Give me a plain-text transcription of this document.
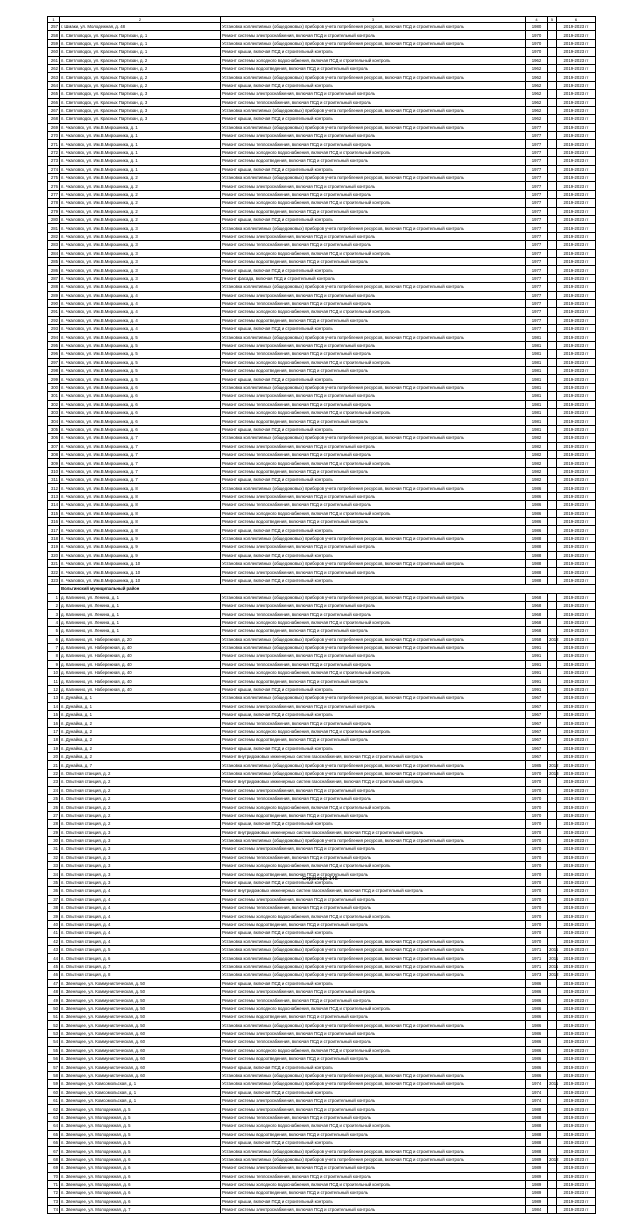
1	2	3	4	5	6
257	г. Шмаки, ул. Молодежная, д. 48	Установка коллективных (общедомовых) приборов учета потребления ресурсов, включая ПСД и строительный контроль	1980		2019-2023 гг
258	п. Светловодск, ул. Красных Партизан, д. 1	Ремонт системы электроснабжения, включая ПСД и строительный контроль	1970		2019-2023 гг
259	п. Светловодск, ул. Красных Партизан, д. 1	Установка коллективных (общедомовых) приборов учета потребления ресурсов, включая ПСД и строительный контроль	1970		2019-2023 гг
260	п. Светловодск, ул. Красных Партизан, д. 1	Ремонт крыши, включая ПСД и строительный контроль	1970		2019-2023 гг
261	п. Светловодск, ул. Красных Партизан, д. 2	Ремонт системы холодного водоснабжения, включая ПСД и строительный контроль	1962		2019-2023 гг
262	п. Светловодск, ул. Красных Партизан, д. 2	Ремонт системы водоотведения, включая ПСД и строительный контроль	1962		2019-2023 гг
263	п. Светловодск, ул. Красных Партизан, д. 2	Установка коллективных (общедомовых) приборов учета потребления ресурсов, включая ПСД и строительный контроль	1962		2019-2023 гг
264	п. Светловодск, ул. Красных Партизан, д. 2	Ремонт крыши, включая ПСД и строительный контроль	1962		2019-2023 гг
265	п. Светловодск, ул. Красных Партизан, д. 3	Ремонт системы электроснабжения, включая ПСД и строительный контроль	1962		2019-2023 гг
266	п. Светловодск, ул. Красных Партизан, д. 3	Ремонт системы теплоснабжения, включая ПСД и строительный контроль	1962		2019-2023 гг
267	п. Светловодск, ул. Красных Партизан, д. 3	Установка коллективных (общедомовых) приборов учета потребления ресурсов, включая ПСД и строительный контроль	1962		2019-2023 гг
268	п. Светловодск, ул. Красных Партизан, д. 3	Ремонт крыши, включая ПСД и строительный контроль	1962		2019-2023 гг
269	п. Чкаловск, ул. Им.В.Мирошника, д. 1	Установка коллективных (общедомовых) приборов учета потребления ресурсов, включая ПСД и строительный контроль	1977		2019-2023 гг
270	п. Чкаловск, ул. Им.В.Мирошника, д. 1	Ремонт системы электроснабжения, включая ПСД и строительный контроль	1977		2019-2023 гг
271	п. Чкаловск, ул. Им.В.Мирошника, д. 1	Ремонт системы теплоснабжения, включая ПСД и строительный контроль	1977		2019-2023 гг
272	п. Чкаловск, ул. Им.В.Мирошника, д. 1	Ремонт системы холодного водоснабжения, включая ПСД и строительный контроль	1977		2019-2023 гг
273	п. Чкаловск, ул. Им.В.Мирошника, д. 1	Ремонт системы водоотведения, включая ПСД и строительный контроль	1977		2019-2023 гг
274	п. Чкаловск, ул. Им.В.Мирошника, д. 1	Ремонт крыши, включая ПСД и строительный контроль	1977		2019-2023 гг
275	п. Чкаловск, ул. Им.В.Мирошника, д. 2	Установка коллективных (общедомовых) приборов учета потребления ресурсов, включая ПСД и строительный контроль	1977		2019-2023 гг
276	п. Чкаловск, ул. Им.В.Мирошника, д. 2	Ремонт системы электроснабжения, включая ПСД и строительный контроль	1977		2019-2023 гг
277	п. Чкаловск, ул. Им.В.Мирошника, д. 2	Ремонт системы теплоснабжения, включая ПСД и строительный контроль	1977		2019-2023 гг
278	п. Чкаловск, ул. Им.В.Мирошника, д. 2	Ремонт системы холодного водоснабжения, включая ПСД и строительный контроль	1977		2019-2023 гг
279	п. Чкаловск, ул. Им.В.Мирошника, д. 2	Ремонт системы водоотведения, включая ПСД и строительный контроль	1977		2019-2023 гг
280	п. Чкаловск, ул. Им.В.Мирошника, д. 2	Ремонт крыши, включая ПСД и строительный контроль	1977		2019-2023 гг
281	п. Чкаловск, ул. Им.В.Мирошника, д. 3	Установка коллективных (общедомовых) приборов учета потребления ресурсов, включая ПСД и строительный контроль	1977		2019-2023 гг
282	п. Чкаловск, ул. Им.В.Мирошника, д. 3	Ремонт системы электроснабжения, включая ПСД и строительный контроль	1977		2019-2023 гг
283	п. Чкаловск, ул. Им.В.Мирошника, д. 3	Ремонт системы теплоснабжения, включая ПСД и строительный контроль	1977		2019-2023 гг
284	п. Чкаловск, ул. Им.В.Мирошника, д. 3	Ремонт системы холодного водоснабжения, включая ПСД и строительный контроль	1977		2019-2023 гг
285	п. Чкаловск, ул. Им.В.Мирошника, д. 3	Ремонт системы водоотведения, включая ПСД и строительный контроль	1977		2019-2023 гг
286	п. Чкаловск, ул. Им.В.Мирошника, д. 3	Ремонт крыши, включая ПСД и строительный контроль	1977		2019-2023 гг
287	п. Чкаловск, ул. Им.В.Мирошника, д. 3	Ремонт фасада, включая ПСД и строительный контроль	1977		2019-2023 гг
288	п. Чкаловск, ул. Им.В.Мирошника, д. 4	Установка коллективных (общедомовых) приборов учета потребления ресурсов, включая ПСД и строительный контроль	1977		2019-2023 гг
289	п. Чкаловск, ул. Им.В.Мирошника, д. 4	Ремонт системы электроснабжения, включая ПСД и строительный контроль	1977		2019-2023 гг
290	п. Чкаловск, ул. Им.В.Мирошника, д. 4	Ремонт системы теплоснабжения, включая ПСД и строительный контроль	1977		2019-2023 гг
291	п. Чкаловск, ул. Им.В.Мирошника, д. 4	Ремонт системы холодного водоснабжения, включая ПСД и строительный контроль	1977		2019-2023 гг
292	п. Чкаловск, ул. Им.В.Мирошника, д. 4	Ремонт системы водоотведения, включая ПСД и строительный контроль	1977		2019-2023 гг
293	п. Чкаловск, ул. Им.В.Мирошника, д. 4	Ремонт крыши, включая ПСД и строительный контроль	1977		2019-2023 гг
294	п. Чкаловск, ул. Им.В.Мирошника, д. 5	Установка коллективных (общедомовых) приборов учета потребления ресурсов, включая ПСД и строительный контроль	1981		2019-2023 гг
295	п. Чкаловск, ул. Им.В.Мирошника, д. 5	Ремонт системы электроснабжения, включая ПСД и строительный контроль	1981		2019-2023 гг
296	п. Чкаловск, ул. Им.В.Мирошника, д. 5	Ремонт системы теплоснабжения, включая ПСД и строительный контроль	1981		2019-2023 гг
297	п. Чкаловск, ул. Им.В.Мирошника, д. 5	Ремонт системы холодного водоснабжения, включая ПСД и строительный контроль	1981		2019-2023 гг
298	п. Чкаловск, ул. Им.В.Мирошника, д. 5	Ремонт системы водоотведения, включая ПСД и строительный контроль	1981		2019-2023 гг
299	п. Чкаловск, ул. Им.В.Мирошника, д. 5	Ремонт крыши, включая ПСД и строительный контроль	1981		2019-2023 гг
300	п. Чкаловск, ул. Им.В.Мирошника, д. 6	Установка коллективных (общедомовых) приборов учета потребления ресурсов, включая ПСД и строительный контроль	1981		2019-2023 гг
301	п. Чкаловск, ул. Им.В.Мирошника, д. 6	Ремонт системы электроснабжения, включая ПСД и строительный контроль	1981		2019-2023 гг
302	п. Чкаловск, ул. Им.В.Мирошника, д. 6	Ремонт системы теплоснабжения, включая ПСД и строительный контроль	1981		2019-2023 гг
303	п. Чкаловск, ул. Им.В.Мирошника, д. 6	Ремонт системы холодного водоснабжения, включая ПСД и строительный контроль	1981		2019-2023 гг
304	п. Чкаловск, ул. Им.В.Мирошника, д. 6	Ремонт системы водоотведения, включая ПСД и строительный контроль	1981		2019-2023 гг
305	п. Чкаловск, ул. Им.В.Мирошника, д. 6	Ремонт крыши, включая ПСД и строительный контроль	1981		2019-2023 гг
306	п. Чкаловск, ул. Им.В.Мирошника, д. 7	Установка коллективных (общедомовых) приборов учета потребления ресурсов, включая ПСД и строительный контроль	1982		2019-2023 гг
307	п. Чкаловск, ул. Им.В.Мирошника, д. 7	Ремонт системы электроснабжения, включая ПСД и строительный контроль	1982		2019-2023 гг
308	п. Чкаловск, ул. Им.В.Мирошника, д. 7	Ремонт системы теплоснабжения, включая ПСД и строительный контроль	1982		2019-2023 гг
309	п. Чкаловск, ул. Им.В.Мирошника, д. 7	Ремонт системы холодного водоснабжения, включая ПСД и строительный контроль	1982		2019-2023 гг
310	п. Чкаловск, ул. Им.В.Мирошника, д. 7	Ремонт системы водоотведения, включая ПСД и строительный контроль	1982		2019-2023 гг
311	п. Чкаловск, ул. Им.В.Мирошника, д. 7	Ремонт крыши, включая ПСД и строительный контроль	1982		2019-2023 гг
312	п. Чкаловск, ул. Им.В.Мирошника, д. 8	Установка коллективных (общедомовых) приборов учета потребления ресурсов, включая ПСД и строительный контроль	1986		2019-2023 гг
313	п. Чкаловск, ул. Им.В.Мирошника, д. 8	Ремонт системы электроснабжения, включая ПСД и строительный контроль	1986		2019-2023 гг
314	п. Чкаловск, ул. Им.В.Мирошника, д. 8	Ремонт системы теплоснабжения, включая ПСД и строительный контроль	1986		2019-2023 гг
315	п. Чкаловск, ул. Им.В.Мирошника, д. 8	Ремонт системы холодного водоснабжения, включая ПСД и строительный контроль	1986		2019-2023 гг
316	п. Чкаловск, ул. Им.В.Мирошника, д. 8	Ремонт системы водоотведения, включая ПСД и строительный контроль	1986		2019-2023 гг
317	п. Чкаловск, ул. Им.В.Мирошника, д. 8	Ремонт крыши, включая ПСД и строительный контроль	1986		2019-2023 гг
318	п. Чкаловск, ул. Им.В.Мирошника, д. 9	Установка коллективных (общедомовых) приборов учета потребления ресурсов, включая ПСД и строительный контроль	1988		2019-2023 гг
319	п. Чкаловск, ул. Им.В.Мирошника, д. 9	Ремонт системы электроснабжения, включая ПСД и строительный контроль	1988		2019-2023 гг
320	п. Чкаловск, ул. Им.В.Мирошника, д. 9	Ремонт крыши, включая ПСД и строительный контроль	1988		2019-2023 гг
321	п. Чкаловск, ул. Им.В.Мирошника, д. 10	Установка коллективных (общедомовых) приборов учета потребления ресурсов, включая ПСД и строительный контроль	1988		2019-2023 гг
322	п. Чкаловск, ул. Им.В.Мирошника, д. 10	Ремонт системы электроснабжения, включая ПСД и строительный контроль	1988		2019-2023 гг
323	п. Чкаловск, ул. Им.В.Мирошника, д. 10	Ремонт крыши, включая ПСД и строительный контроль	1988		2019-2023 гг
	Вольгинский муниципальный район				
1	д. Калинино, ул. Ленина, д. 1	Установка коллективных (общедомовых) приборов учета потребления ресурсов, включая ПСД и строительный контроль	1968		2019-2023 гг
2	д. Калинино, ул. Ленина, д. 1	Ремонт системы электроснабжения, включая ПСД и строительный контроль	1968		2019-2023 гг
3	д. Калинино, ул. Ленина, д. 1	Ремонт системы теплоснабжения, включая ПСД и строительный контроль	1968		2019-2023 гг
4	д. Калинино, ул. Ленина, д. 1	Ремонт системы холодного водоснабжения, включая ПСД и строительный контроль	1968		2019-2023 гг
5	д. Калинино, ул. Ленина, д. 1	Ремонт системы водоотведения, включая ПСД и строительный контроль	1968		2019-2023 гг
6	д. Калинино, ул. Набережная, д. 20	Установка коллективных (общедомовых) приборов учета потребления ресурсов, включая ПСД и строительный контроль	1958	2012	2019-2023 гг
7	д. Калинино, ул. Набережная, д. 40	Установка коллективных (общедомовых) приборов учета потребления ресурсов, включая ПСД и строительный контроль	1991		2019-2023 гг
8	д. Калинино, ул. Набережная, д. 40	Ремонт системы электроснабжения, включая ПСД и строительный контроль	1991		2019-2023 гг
9	д. Калинино, ул. Набережная, д. 40	Ремонт системы теплоснабжения, включая ПСД и строительный контроль	1991		2019-2023 гг
10	д. Калинино, ул. Набережная, д. 40	Ремонт системы холодного водоснабжения, включая ПСД и строительный контроль	1991		2019-2023 гг
11	д. Калинино, ул. Набережная, д. 40	Ремонт системы водоотведения, включая ПСД и строительный контроль	1991		2019-2023 гг
12	д. Калинино, ул. Набережная, д. 40	Ремонт крыши, включая ПСД и строительный контроль	1991		2019-2023 гг
13	п. Дунайка, д. 1	Установка коллективных (общедомовых) приборов учета потребления ресурсов, включая ПСД и строительный контроль	1967		2019-2023 гг
14	п. Дунайка, д. 1	Ремонт системы электроснабжения, включая ПСД и строительный контроль	1967		2019-2023 гг
15	п. Дунайка, д. 1	Ремонт крыши, включая ПСД и строительный контроль	1967		2019-2023 гг
16	п. Дунайка, д. 2	Ремонт системы теплоснабжения, включая ПСД и строительный контроль	1967		2019-2023 гг
17	п. Дунайка, д. 2	Ремонт системы холодного водоснабжения, включая ПСД и строительный контроль	1967		2019-2023 гг
18	п. Дунайка, д. 2	Ремонт системы водоотведения, включая ПСД и строительный контроль	1967		2019-2023 гг
19	п. Дунайка, д. 2	Ремонт крыши, включая ПСД и строительный контроль	1967		2019-2023 гг
20	п. Дунайка, д. 2	Ремонт внутридомовых инженерных систем газоснабжения, включая ПСД и строительный контроль	1967		2019-2023 гг
21	п. Дунайка, д. 7	Установка коллективных (общедомовых) приборов учета потребления ресурсов, включая ПСД и строительный контроль	1985	2012	2019-2023 гг
22	п. Опытная станция, д. 2	Установка коллективных (общедомовых) приборов учета потребления ресурсов, включая ПСД и строительный контроль	1970	2013	2019-2023 гг
23	п. Опытная станция, д. 2	Ремонт внутридомовых инженерных систем газоснабжения, включая ПСД и строительный контроль	1970		2019-2023 гг
24	п. Опытная станция, д. 2	Ремонт системы электроснабжения, включая ПСД и строительный контроль	1970		2019-2023 гг
25	п. Опытная станция, д. 2	Ремонт системы теплоснабжения, включая ПСД и строительный контроль	1970		2019-2023 гг
26	п. Опытная станция, д. 2	Ремонт системы холодного водоснабжения, включая ПСД и строительный контроль	1970		2019-2023 гг
27	п. Опытная станция, д. 2	Ремонт системы водоотведения, включая ПСД и строительный контроль	1970		2019-2023 гг
28	п. Опытная станция, д. 2	Ремонт крыши, включая ПСД и строительный контроль	1970		2019-2023 гг
29	п. Опытная станция, д. 3	Ремонт внутридомовых инженерных систем газоснабжения, включая ПСД и строительный контроль	1970		2019-2023 гг
30	п. Опытная станция, д. 3	Установка коллективных (общедомовых) приборов учета потребления ресурсов, включая ПСД и строительный контроль	1970		2019-2023 гг
31	п. Опытная станция, д. 3	Ремонт системы электроснабжения, включая ПСД и строительный контроль	1970		2019-2023 гг
32	п. Опытная станция, д. 3	Ремонт системы теплоснабжения, включая ПСД и строительный контроль	1970		2019-2023 гг
33	п. Опытная станция, д. 3	Ремонт системы холодного водоснабжения, включая ПСД и строительный контроль	1970		2019-2023 гг
34	п. Опытная станция, д. 3	Ремонт системы водоотведения, включая ПСД и строительный контроль	1970		2019-2023 гг
35	п. Опытная станция, д. 3	Ремонт крыши, включая ПСД и строительный контроль	1970		2019-2023 гг
36	п. Опытная станция, д. 4	Ремонт внутридомовых инженерных систем газоснабжения, включая ПСД и строительный контроль	1970		2019-2023 гг
37	п. Опытная станция, д. 4	Ремонт системы электроснабжения, включая ПСД и строительный контроль	1970		2019-2023 гг
38	п. Опытная станция, д. 4	Ремонт системы теплоснабжения, включая ПСД и строительный контроль	1970		2019-2023 гг
39	п. Опытная станция, д. 4	Ремонт системы холодного водоснабжения, включая ПСД и строительный контроль	1970		2019-2023 гг
40	п. Опытная станция, д. 4	Ремонт системы водоотведения, включая ПСД и строительный контроль	1970		2019-2023 гг
41	п. Опытная станция, д. 4	Ремонт крыши, включая ПСД и строительный контроль	1970		2019-2023 гг
42	п. Опытная станция, д. 4	Установка коллективных (общедомовых) приборов учета потребления ресурсов, включая ПСД и строительный контроль	1970		2019-2023 гг
43	п. Опытная станция, д. 5	Установка коллективных (общедомовых) приборов учета потребления ресурсов, включая ПСД и строительный контроль	1971	2011	2019-2023 гг
44	п. Опытная станция, д. 6	Установка коллективных (общедомовых) приборов учета потребления ресурсов, включая ПСД и строительный контроль	1971	2011	2019-2023 гг
45	п. Опытная станция, д. 7	Установка коллективных (общедомовых) приборов учета потребления ресурсов, включая ПСД и строительный контроль	1971	2011	2019-2023 гг
46	п. Опытная станция, д. 8	Установка коллективных (общедомовых) приборов учета потребления ресурсов, включая ПСД и строительный контроль	1973	2012	2019-2023 гг
47	п. Звенящее, ул. Коммунистическая, д. 50	Ремонт крыши, включая ПСД и строительный контроль	1986		2019-2023 гг
48	п. Звенящее, ул. Коммунистическая, д. 50	Ремонт системы электроснабжения, включая ПСД и строительный контроль	1986		2019-2023 гг
49	п. Звенящее, ул. Коммунистическая, д. 50	Ремонт системы теплоснабжения, включая ПСД и строительный контроль	1986		2019-2023 гг
50	п. Звенящее, ул. Коммунистическая, д. 50	Ремонт системы холодного водоснабжения, включая ПСД и строительный контроль	1986		2019-2023 гг
51	п. Звенящее, ул. Коммунистическая, д. 50	Ремонт системы водоотведения, включая ПСД и строительный контроль	1986		2019-2023 гг
52	п. Звенящее, ул. Коммунистическая, д. 50	Установка коллективных (общедомовых) приборов учета потребления ресурсов, включая ПСД и строительный контроль	1986		2019-2023 гг
53	п. Звенящее, ул. Коммунистическая, д. 60	Ремонт системы электроснабжения, включая ПСД и строительный контроль	1986		2019-2023 гг
54	п. Звенящее, ул. Коммунистическая, д. 60	Ремонт системы теплоснабжения, включая ПСД и строительный контроль	1986		2019-2023 гг
55	п. Звенящее, ул. Коммунистическая, д. 60	Ремонт системы холодного водоснабжения, включая ПСД и строительный контроль	1986		2019-2023 гг
56	п. Звенящее, ул. Коммунистическая, д. 60	Ремонт системы водоотведения, включая ПСД и строительный контроль	1986		2019-2023 гг
57	п. Звенящее, ул. Коммунистическая, д. 60	Ремонт крыши, включая ПСД и строительный контроль	1986		2019-2023 гг
58	п. Звенящее, ул. Коммунистическая, д. 60	Установка коллективных (общедомовых) приборов учета потребления ресурсов, включая ПСД и строительный контроль	1986		2019-2023 гг
59	п. Звенящее, ул. Комсомольская, д. 1	Установка коллективных (общедомовых) приборов учета потребления ресурсов, включая ПСД и строительный контроль	1974	2011	2019-2023 гг
60	п. Звенящее, ул. Комсомольская, д. 1	Ремонт крыши, включая ПСД и строительный контроль	1974		2019-2023 гг
61	п. Звенящее, ул. Комсомольская, д. 1	Ремонт системы электроснабжения, включая ПСД и строительный контроль	1974		2019-2023 гг
62	п. Звенящее, ул. Молодежная, д. 5	Ремонт системы электроснабжения, включая ПСД и строительный контроль	1988		2019-2023 гг
63	п. Звенящее, ул. Молодежная, д. 5	Ремонт системы теплоснабжения, включая ПСД и строительный контроль	1988		2019-2023 гг
64	п. Звенящее, ул. Молодежная, д. 5	Ремонт системы холодного водоснабжения, включая ПСД и строительный контроль	1988		2019-2023 гг
65	п. Звенящее, ул. Молодежная, д. 5	Ремонт системы водоотведения, включая ПСД и строительный контроль	1988		2019-2023 гг
66	п. Звенящее, ул. Молодежная, д. 5	Ремонт крыши, включая ПСД и строительный контроль	1988		2019-2023 гг
67	п. Звенящее, ул. Молодежная, д. 5	Установка коллективных (общедомовых) приборов учета потребления ресурсов, включая ПСД и строительный контроль	1988		2019-2023 гг
68	п. Звенящее, ул. Молодежная, д. 6	Установка коллективных (общедомовых) приборов учета потребления ресурсов, включая ПСД и строительный контроль	1989	2012	2019-2023 гг
69	п. Звенящее, ул. Молодежная, д. 6	Ремонт системы электроснабжения, включая ПСД и строительный контроль	1989		2019-2023 гг
70	п. Звенящее, ул. Молодежная, д. 6	Ремонт системы теплоснабжения, включая ПСД и строительный контроль	1989		2019-2023 гг
71	п. Звенящее, ул. Молодежная, д. 6	Ремонт системы холодного водоснабжения, включая ПСД и строительный контроль	1989		2019-2023 гг
72	п. Звенящее, ул. Молодежная, д. 6	Ремонт системы водоотведения, включая ПСД и строительный контроль	1989		2019-2023 гг
73	п. Звенящее, ул. Молодежная, д. 6	Ремонт крыши, включая ПСД и строительный контроль	1989		2019-2023 гг
74	п. Звенящее, ул. Молодежная, д. 7	Ремонт системы электроснабжения, включая ПСД и строительный контроль	1984		2019-2023 гг
Страница 145
